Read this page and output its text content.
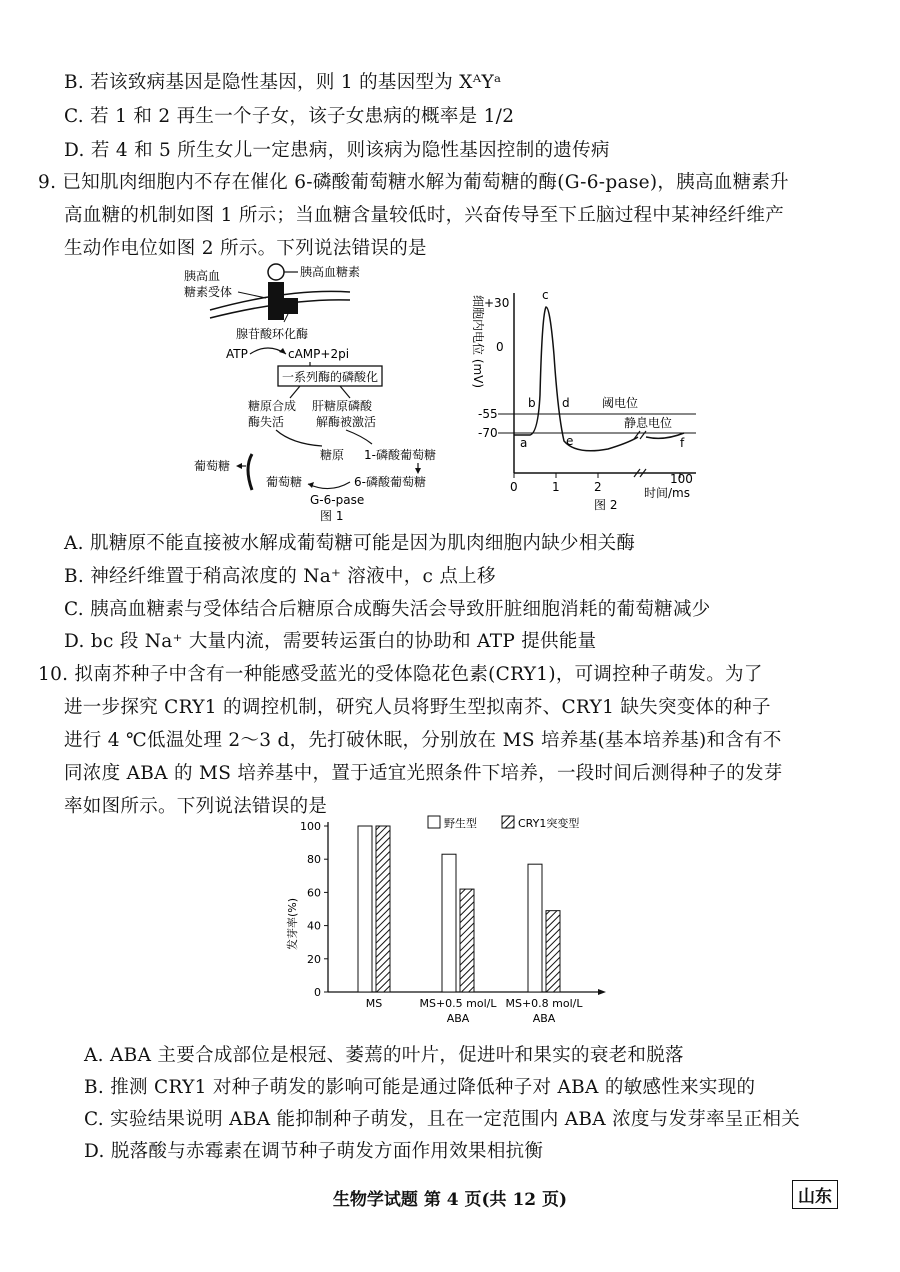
B. 若该致病基因是隐性基因，则 1 的基因型为 XᴬYᵃ
C. 若 1 和 2 再生一个子女，该子女患病的概率是 1/2
D. 若 4 和 5 所生女儿一定患病，则该病为隐性基因控制的遗传病
9. 已知肌肉细胞内不存在催化 6-磷酸葡萄糖水解为葡萄糖的酶(G-6-pase)，胰高血糖素升
高血糖的机制如图 1 所示；当血糖含量较低时，兴奋传导至下丘脑过程中某神经纤维产
生动作电位如图 2 所示。下列说法错误的是
胰高血糖素
胰高血
糖素受体
腺苷酸环化酶
ATP	cAMP+2pi
一系列酶的磷酸化
糖原合成
酶失活
肝糖原磷酸
解酶被激活
糖原 1-磷酸葡萄糖
6-磷酸葡萄糖
葡萄糖
葡萄糖
G-6-pase
图 1
细胞内电位 (mV) +30
0
-55
-70
阈电位
静息电位
a
b
c
d
e	f
0	1	2
100
时间/ms
图 2
A. 肌糖原不能直接被水解成葡萄糖可能是因为肌肉细胞内缺少相关酶
B. 神经纤维置于稍高浓度的 Na⁺ 溶液中，c 点上移
C. 胰高血糖素与受体结合后糖原合成酶失活会导致肝脏细胞消耗的葡萄糖减少
D. bc 段 Na⁺ 大量内流，需要转运蛋白的协助和 ATP 提供能量
10. 拟南芥种子中含有一种能感受蓝光的受体隐花色素(CRY1)，可调控种子萌发。为了
进一步探究 CRY1 的调控机制，研究人员将野生型拟南芥、CRY1 缺失突变体的种子
进行 4 ℃低温处理 2～3 d，先打破休眠，分别放在 MS 培养基(基本培养基)和含有不
同浓度 ABA 的 MS 培养基中，置于适宜光照条件下培养，一段时间后测得种子的发芽
率如图所示。下列说法错误的是
发芽率(%)
0
20
40
60
80
100	野生型	CRY1突变型
MS	MS+0.5 mol/L
ABA
MS+0.8 mol/L
ABA
A. ABA 主要合成部位是根冠、萎蔫的叶片，促进叶和果实的衰老和脱落
B. 推测 CRY1 对种子萌发的影响可能是通过降低种子对 ABA 的敏感性来实现的
C. 实验结果说明 ABA 能抑制种子萌发，且在一定范围内 ABA 浓度与发芽率呈正相关
D. 脱落酸与赤霉素在调节种子萌发方面作用效果相抗衡
生物学试题 第 4 页(共 12 页)	山东
